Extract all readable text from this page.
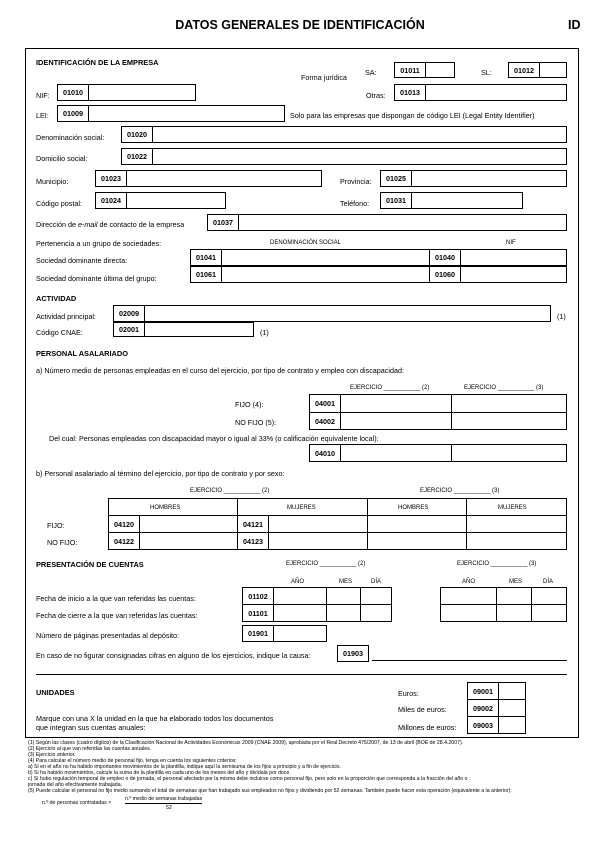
DATOS GENERALES DE IDENTIFICACIÓN	ID
IDENTIFICACIÓN DE LA EMPRESA
Forma jurídica
SA:	01011	SL:	01012
NIF:	01010	Otras:	01013
LEI:	01009	Solo para las empresas que dispongan de código LEI (Legal Entity Identifier)
Denominación social:	01020
Domicilio social:	01022
Municipio:	01023	Provincia:	01025
Código postal:	01024	Teléfono:	01031
Dirección de e-mail de contacto de la empresa	01037
Pertenencia a un grupo de sociedades:	DENOMINACIÓN SOCIAL	NIF
Sociedad dominante directa:	01041	01040
Sociedad dominante última del grupo:	01061	01060
ACTIVIDAD
Actividad principal:	02009	(1)
Código CNAE:	02001	(1)
PERSONAL ASALARIADO
a) Número medio de personas empleadas en el curso del ejercicio, por tipo de contrato y empleo con discapacidad:
EJERCICIO ___________ (2)	EJERCICIO ___________ (3)
FIJO (4):	04001
NO FIJO (5):	04002
Del cual: Personas empleadas con discapacidad mayor o igual al 33% (o calificación equivalente local):
04010
b) Personal asalariado al término del ejercicio, por tipo de contrato y por sexo:
EJERCICIO ___________ (2)	EJERCICIO ___________ (3)
HOMBRES	MUJERES	HOMBRES	MUJERES
FIJO:	04120	04121
NO FIJO:	04122	04123
PRESENTACIÓN DE CUENTAS	EJERCICIO ___________ (2)	EJERCICIO ___________ (3)
AÑO	MES	DÍA	AÑO	MES	DÍA
Fecha de inicio a la que van referidas las cuentas:	01102
Fecha de cierre a la que van referidas las cuentas:	01101
Número de páginas presentadas al depósito:	01901
En caso de no figurar consignadas cifras en alguno de los ejercicios, indique la causa:	01903
UNIDADES
Marque con una X la unidad en la que ha elaborado todos los documentos
que integran sus cuentas anuales:
Euros:	09001
Miles de euros:	09002
Millones de euros:	09003
(1) Según las clases (cuatro dígitos) de la Clasificación Nacional de Actividades Económicas 2009 (CNAE 2009), aprobada por el Real Decreto 475/2007, de 13 de abril (BOE de 28.4.2007).
(2) Ejercicio al que van referidas las cuentas anuales.
(3) Ejercicio anterior.
(4) Para calcular el número medio de personal fijo, tenga en cuenta los siguientes criterios:
a) Si en el año no ha habido importantes movimientos de la plantilla, indique aquí la semisuma de los fijos a principio y a fin de ejercicio.
b) Si ha habido movimientos, calcule la suma de la plantilla en cada uno de los meses del año y divídala por doce.
c) Si hubo regulación temporal de empleo o de jornada, el personal afectado por la misma debe incluirse como personal fijo, pero solo en la proporción que corresponda a la fracción del año o
jornada del año efectivamente trabajada.
(5) Puede calcular el personal no fijo medio sumando el total de semanas que han trabajado sus empleados no fijos y dividiendo por 52 semanas. También puede hacer esta operación (equivalente a la anterior):
n.º de personas contratadas ×
n.º medio de semanas trabajadas
52
